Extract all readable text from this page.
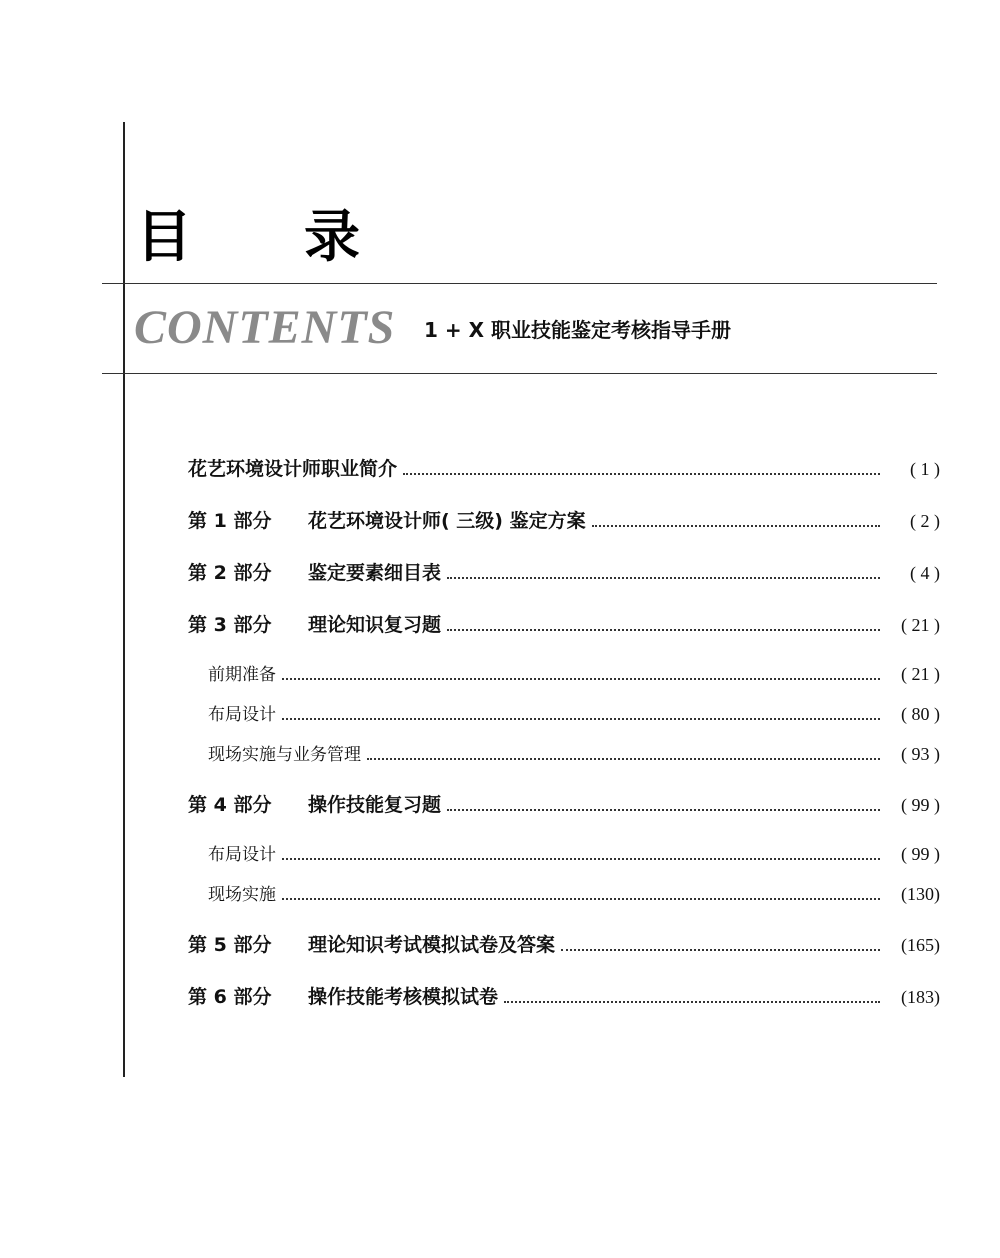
目录
CONTENTS 1 + X 职业技能鉴定考核指导手册
花艺环境设计师职业简介	( 1 )
第 1 部分	花艺环境设计师( 三级) 鉴定方案	( 2 )
第 2 部分	鉴定要素细目表	( 4 )
第 3 部分	理论知识复习题	( 21 )
前期准备	( 21 )
布局设计	( 80 )
现场实施与业务管理	( 93 )
第 4 部分	操作技能复习题	( 99 )
布局设计	( 99 )
现场实施	(130)
第 5 部分	理论知识考试模拟试卷及答案	(165)
第 6 部分	操作技能考核模拟试卷	(183)
